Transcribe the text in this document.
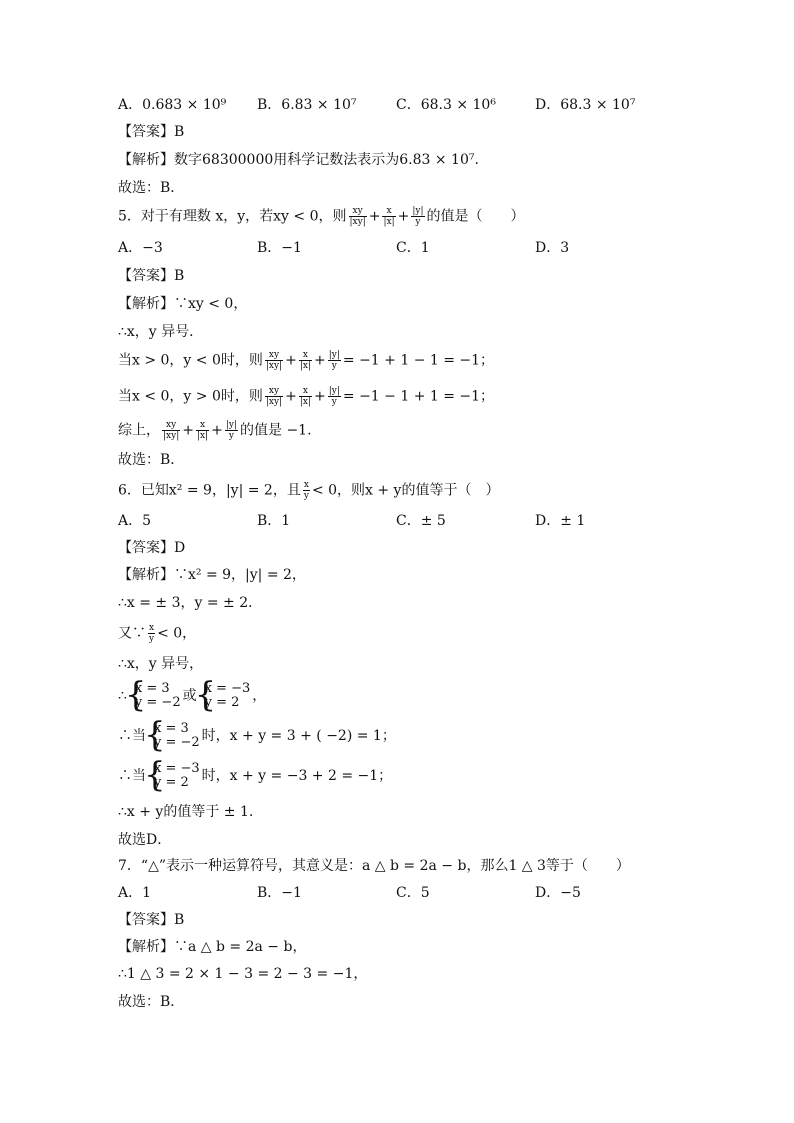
A．0.683 × 10⁹ B．6.83 × 10⁷	C．68.3 × 10⁶	D．68.3 × 10⁷
【答案】B
【解析】数字68300000用科学记数法表示为6.83 × 10⁷.
故选：B．
5．对于有理数 x，y，若xy < 0，则 $\frac{xy}{|xy|} + \frac{x}{|x|} + \frac{|y|}{y}$ 的值是（　　）
A．−3	B．−1	C．1	D．3
【答案】B
【解析】∵xy < 0，
∴x，y 异号．
当x > 0，y < 0时，则 $\frac{xy}{|xy|} + \frac{x}{|x|} + \frac{|y|}{y} = -1 + 1 - 1 = -1$；
当x < 0，y > 0时，则 $\frac{xy}{|xy|} + \frac{x}{|x|} + \frac{|y|}{y} = -1 - 1 + 1 = -1$；
综上， $\frac{xy}{|xy|} + \frac{x}{|x|} + \frac{|y|}{y}$ 的值是 −1.
故选：B．
6．已知x² = 9，|y| = 2，且 $\frac{x}{y} < 0$，则x + y的值等于（　）
A．5	B．1	C．± 5	D．± 1
【答案】D
【解析】∵x² = 9，|y| = 2，
∴x = ± 3，y = ± 2．
又∵ $\frac{x}{y} < 0$，
∴x，y 异号，
∴ { x = 3
y = −2 或 { x = −3
y = 2 ，
∴当 { x = 3
y = −2 时，x + y = 3 + ( −2) = 1；
∴当 { x = −3
y = 2 时，x + y = −3 + 2 = −1；
∴x + y的值等于 ± 1.
故选D．
7．“△”表示一种运算符号，其意义是：a △ b = 2a − b，那么1 △ 3等于（　　）
A．1	B．−1	C．5	D．−5
【答案】B
【解析】∵a △ b = 2a − b，
∴1 △ 3 = 2 × 1 − 3 = 2 − 3 = −1，
故选：B．
